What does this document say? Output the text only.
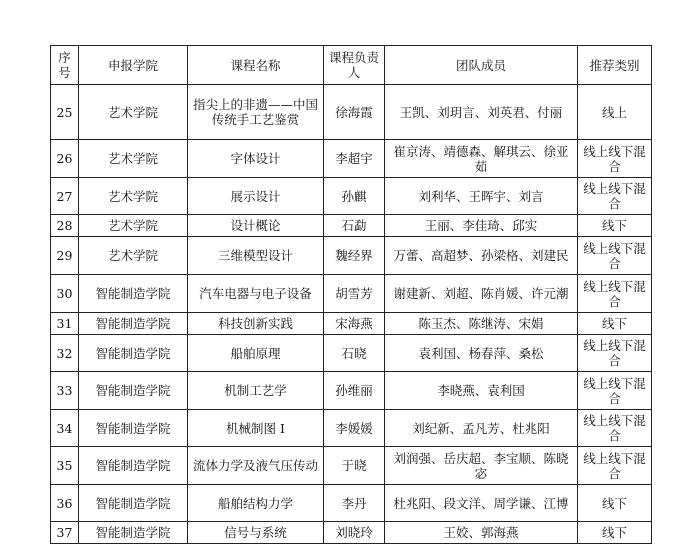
序号	申报学院	课程名称	课程负责人	团队成员	推荐类别
25	艺术学院	指尖上的非遗——中国传统手工艺鉴赏	徐海霞	王凯、刘玥言、刘英君、付丽	线上
26	艺术学院	字体设计	李超宇	崔京涛、靖德森、解琪云、徐亚茹	线上线下混合
27	艺术学院	展示设计	孙麒	刘利华、王晖宇、刘言	线上线下混合
28	艺术学院	设计概论	石勐	王丽、李佳琦、邱实	线下
29	艺术学院	三维模型设计	魏经界	万蕾、高超梦、孙梁格、刘建民	线上线下混合
30	智能制造学院	汽车电器与电子设备	胡雪芳	谢建新、刘超、陈肖媛、许元潮	线上线下混合
31	智能制造学院	科技创新实践	宋海燕	陈玉杰、陈继涛、宋娟	线下
32	智能制造学院	船舶原理	石晓	袁利国、杨春萍、桑松	线上线下混合
33	智能制造学院	机制工艺学	孙维丽	李晓燕、袁利国	线上线下混合
34	智能制造学院	机械制图 I	李媛媛	刘纪新、孟凡芳、杜兆阳	线上线下混合
35	智能制造学院	流体力学及液气压传动	于晓	刘润强、岳庆超、李宝顺、陈晓宓	线上线下混合
36	智能制造学院	船舶结构力学	李丹	杜兆阳、段文洋、周学谦、江博	线下
37	智能制造学院	信号与系统	刘晓玲	王姣、郭海燕	线下
